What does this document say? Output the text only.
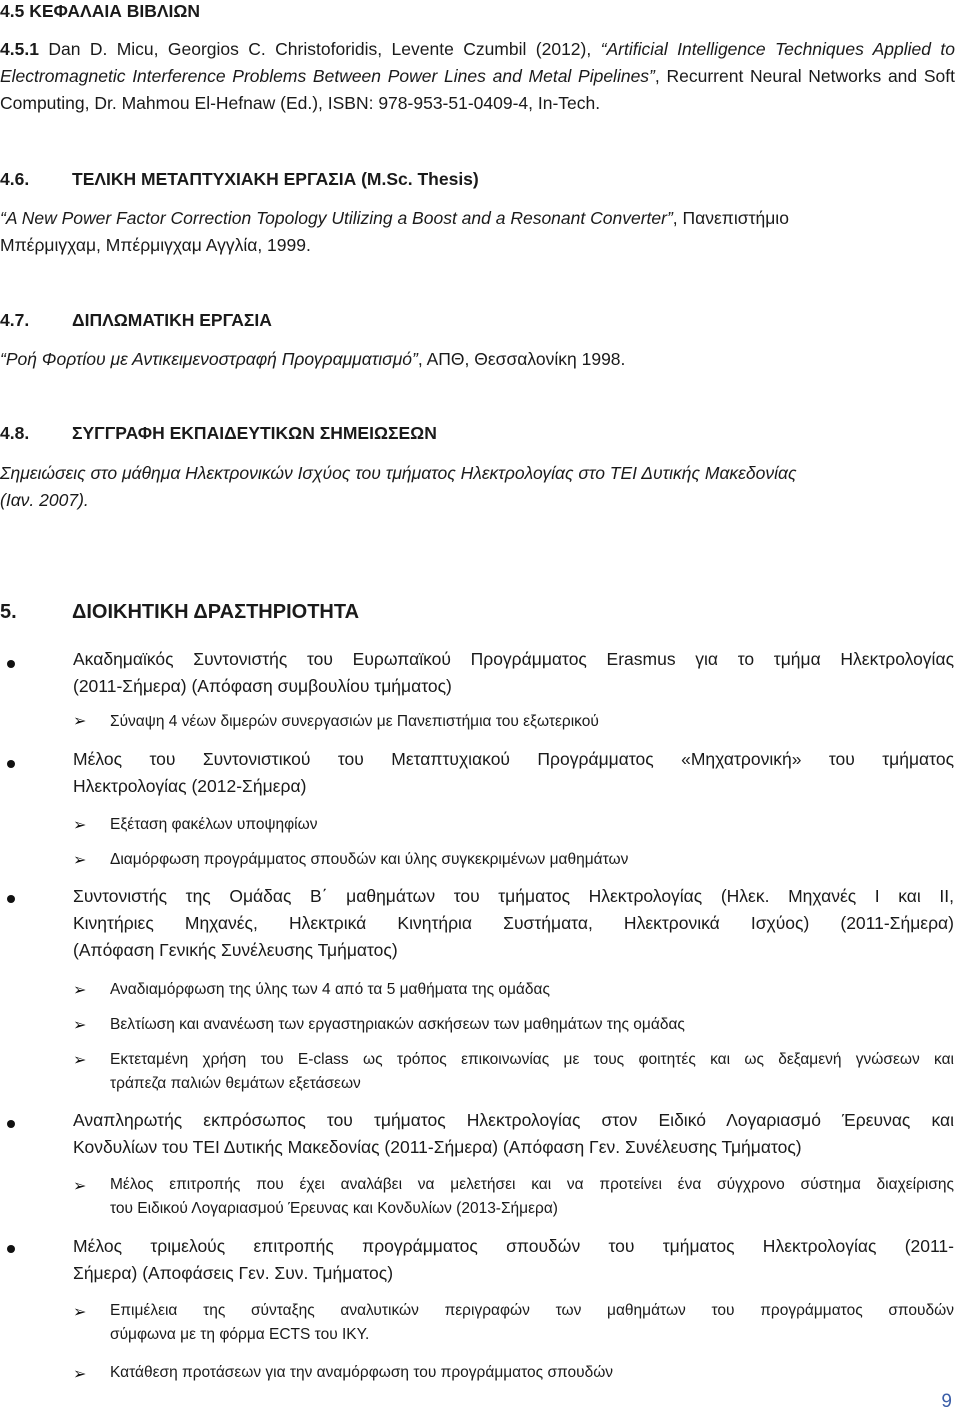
4.5 ΚΕΦΑΛΑΙΑ ΒΙΒΛΙΩΝ
4.5.1 Dan D. Micu, Georgios C. Christoforidis, Levente Czumbil (2012), “Artificial Intelligence Techniques Applied to Electromagnetic Interference Problems Between Power Lines and Metal Pipelines”, Recurrent Neural Networks and Soft Computing, Dr. Mahmou El-Hefnaw (Ed.), ISBN: 978-953-51-0409-4, In-Tech.
4.6. ΤΕΛΙΚΗ ΜΕΤΑΠΤΥΧΙΑΚΗ ΕΡΓΑΣΙΑ (M.Sc. Thesis)
“A New Power Factor Correction Topology Utilizing a Boost and a Resonant Converter”, Πανεπιστήμιο
Μπέρμιγχαμ, Μπέρμιγχαμ Αγγλία, 1999.
4.7. ΔΙΠΛΩΜΑΤΙΚΗ ΕΡΓΑΣΙΑ
“Ροή Φορτίου με Αντικειμενοστραφή Προγραμματισμό”, ΑΠΘ, Θεσσαλονίκη 1998.
4.8. ΣΥΓΓΡΑΦΗ ΕΚΠΑΙΔΕΥΤΙΚΩΝ ΣΗΜΕΙΩΣΕΩΝ
Σημειώσεις στο μάθημα Ηλεκτρονικών Ισχύος του τμήματος Ηλεκτρολογίας στο ΤΕΙ Δυτικής Μακεδονίας
(Ιαν. 2007).
5.	ΔΙΟΙΚΗΤΙΚΗ ΔΡΑΣΤΗΡΙΟΤΗΤΑ
Ακαδημαϊκός Συντονιστής του Ευρωπαϊκού Προγράμματος Erasmus για το τμήμα Ηλεκτρολογίας
(2011-Σήμερα) (Απόφαση συμβουλίου τμήματος)
➢ Σύναψη 4 νέων διμερών συνεργασιών με Πανεπιστήμια του εξωτερικού
Μέλος του Συντονιστικού του Μεταπτυχιακού Προγράμματος «Μηχατρονική» του τμήματος
Ηλεκτρολογίας (2012-Σήμερα)
➢ Εξέταση φακέλων υποψηφίων
➢ Διαμόρφωση προγράμματος σπουδών και ύλης συγκεκριμένων μαθημάτων
Συντονιστής της Ομάδας Β΄ μαθημάτων του τμήματος Ηλεκτρολογίας (Ηλεκ. Μηχανές Ι και ΙΙ,
Κινητήριες Μηχανές, Ηλεκτρικά Κινητήρια Συστήματα, Ηλεκτρονικά Ισχύος) (2011-Σήμερα)
(Απόφαση Γενικής Συνέλευσης Τμήματος)
➢ Αναδιαμόρφωση της ύλης των 4 από τα 5 μαθήματα της ομάδας
➢ Βελτίωση και ανανέωση των εργαστηριακών ασκήσεων των μαθημάτων της ομάδας
➢ Εκτεταμένη χρήση του E-class ως τρόπος επικοινωνίας με τους φοιτητές και ως δεξαμενή γνώσεων και
τράπεζα παλιών θεμάτων εξετάσεων
Αναπληρωτής εκπρόσωπος του τμήματος Ηλεκτρολογίας στον Ειδικό Λογαριασμό Έρευνας και
Κονδυλίων του ΤΕΙ Δυτικής Μακεδονίας (2011-Σήμερα) (Απόφαση Γεν. Συνέλευσης Τμήματος)
➢ Μέλος επιτροπής που έχει αναλάβει να μελετήσει και να προτείνει ένα σύγχρονο σύστημα διαχείρισης
του Ειδικού Λογαριασμού Έρευνας και Κονδυλίων (2013-Σήμερα)
Μέλος τριμελούς επιτροπής προγράμματος σπουδών του τμήματος Ηλεκτρολογίας (2011-
Σήμερα) (Αποφάσεις Γεν. Συν. Τμήματος)
➢ Επιμέλεια της σύνταξης αναλυτικών περιγραφών των μαθημάτων του προγράμματος σπουδών
σύμφωνα με τη φόρμα ECTS του ΙΚΥ.
➢ Κατάθεση προτάσεων για την αναμόρφωση του προγράμματος σπουδών
9
